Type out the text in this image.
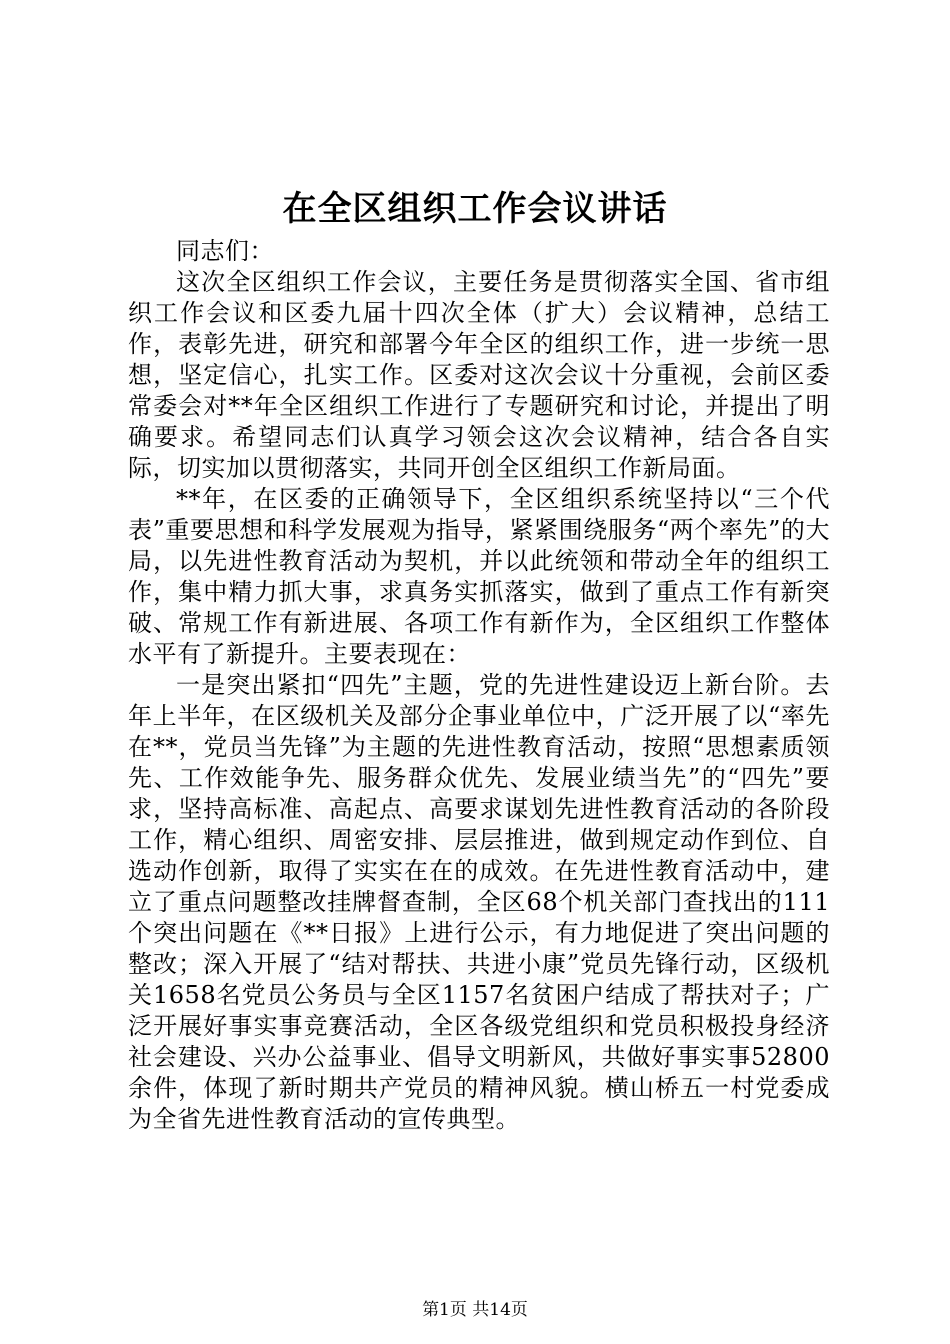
在全区组织工作会议讲话

同志们：

这次全区组织工作会议，主要任务是贯彻落实全国、省市组织工作会议和区委九届十四次全体（扩大）会议精神，总结工作，表彰先进，研究和部署今年全区的组织工作，进一步统一思想，坚定信心，扎实工作。区委对这次会议十分重视，会前区委常委会对**年全区组织工作进行了专题研究和讨论，并提出了明确要求。希望同志们认真学习领会这次会议精神，结合各自实际，切实加以贯彻落实，共同开创全区组织工作新局面。

**年，在区委的正确领导下，全区组织系统坚持以“三个代表”重要思想和科学发展观为指导，紧紧围绕服务“两个率先”的大局，以先进性教育活动为契机，并以此统领和带动全年的组织工作，集中精力抓大事，求真务实抓落实，做到了重点工作有新突破、常规工作有新进展、各项工作有新作为，全区组织工作整体水平有了新提升。主要表现在：

一是突出紧扣“四先”主题，党的先进性建设迈上新台阶。去年上半年，在区级机关及部分企事业单位中，广泛开展了以“率先在**，党员当先锋”为主题的先进性教育活动，按照“思想素质领先、工作效能争先、服务群众优先、发展业绩当先”的“四先”要求，坚持高标准、高起点、高要求谋划先进性教育活动的各阶段工作，精心组织、周密安排、层层推进，做到规定动作到位、自选动作创新，取得了实实在在的成效。在先进性教育活动中，建立了重点问题整改挂牌督查制，全区68个机关部门查找出的111个突出问题在《**日报》上进行公示，有力地促进了突出问题的整改；深入开展了“结对帮扶、共进小康”党员先锋行动，区级机关1658名党员公务员与全区1157名贫困户结成了帮扶对子；广泛开展好事实事竞赛活动，全区各级党组织和党员积极投身经济社会建设、兴办公益事业、倡导文明新风，共做好事实事52800余件，体现了新时期共产党员的精神风貌。横山桥五一村党委成为全省先进性教育活动的宣传典型。

第1页 共14页
